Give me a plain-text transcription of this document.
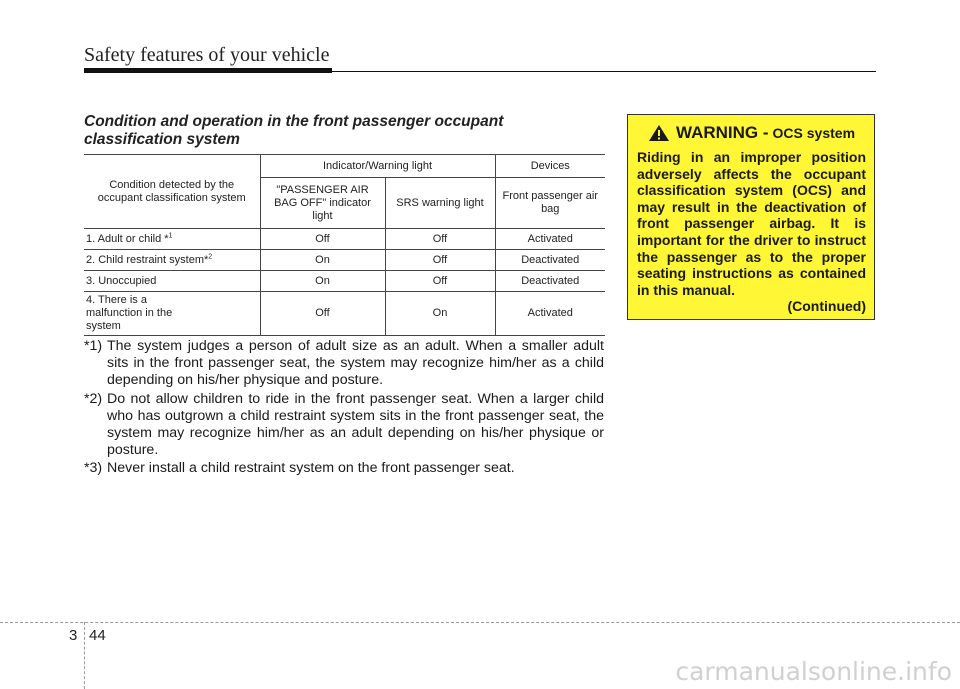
Safety features of your vehicle
Condition and operation in the front passenger occupant classification system
Condition detected by the occupant classification system	Indicator/Warning light		Devices
	"PASSENGER AIR BAG OFF" indicator light	SRS warning light	Front passenger air bag
1. Adult or child *$^1$	Off	Off	Activated
2. Child restraint system*$^2$	On	Off	Deactivated
3. Unoccupied	On	Off	Deactivated
4. There is a malfunction in the system	Off	On	Activated
*1) The system judges a person of adult size as an adult. When a smaller adult sits in the front passenger seat, the system may recognize him/her as a child depending on his/her physique and posture.
*2) Do not allow children to ride in the front passenger seat. When a larger child who has outgrown a child restraint system sits in the front passenger seat, the system may recognize him/her as an adult depending on his/her physique or posture.
*3) Never install a child restraint system on the front passenger seat.
WARNING - OCS system
Riding in an improper position adversely affects the occupant classification system (OCS) and may result in the deactivation of front passenger airbag. It is important for the driver to instruct the passenger as to the proper seating instructions as contained in this manual.
(Continued)
3 44
carmanualsonline.info
